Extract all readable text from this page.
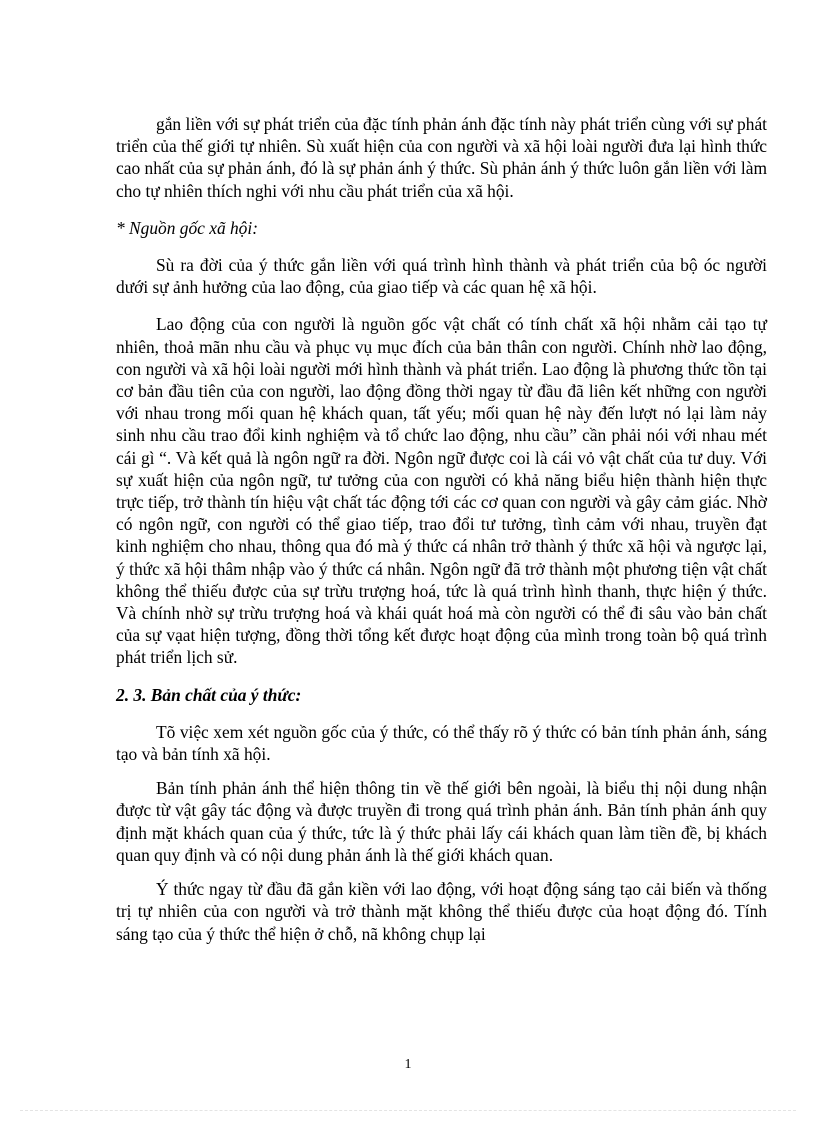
gắn liền với sự phát triển của đặc tính phản ánh đặc tính này phát triển cùng với sự phát triển của thế giới tự nhiên. Sù xuất hiện của con người và xã hội loài người đưa lại hình thức cao nhất của sự phản ánh, đó là sự phản ánh ý thức. Sù phản ánh ý thức luôn gắn liền với làm cho tự nhiên thích nghi với nhu cầu phát triển của xã hội.

* Nguồn gốc xã hội:

Sù ra đời của ý thức gắn liền với quá trình hình thành và phát triển của bộ óc người dưới sự ảnh hưởng của lao động, của giao tiếp và các quan hệ xã hội.

Lao động của con người là nguồn gốc vật chất có tính chất xã hội nhằm cải tạo tự nhiên, thoả mãn nhu cầu và phục vụ mục đích của bản thân con người. Chính nhờ lao động, con người và xã hội loài người mới hình thành và phát triển. Lao động là phương thức tồn tại cơ bản đầu tiên của con người, lao động đồng thời ngay từ đầu đã liên kết những con người với nhau trong mối quan hệ khách quan, tất yếu; mối quan hệ này đến lượt nó lại làm nảy sinh nhu cầu trao đổi kinh nghiệm và tổ chức lao động, nhu cầu” cần phải nói với nhau mét cái gì “. Và kết quả là ngôn ngữ ra đời. Ngôn ngữ được coi là cái vỏ vật chất của tư duy. Với sự xuất hiện của ngôn ngữ, tư tưởng của con người có khả năng biểu hiện thành hiện thực trực tiếp, trở thành tín hiệu vật chất tác động tới các cơ quan con người và gây cảm giác. Nhờ có ngôn ngữ, con người có thể giao tiếp, trao đổi tư tưởng, tình cảm với nhau, truyền đạt kinh nghiệm cho nhau, thông qua đó mà ý thức cá nhân trở thành ý thức xã hội và ngược lại, ý thức xã hội thâm nhập vào ý thức cá nhân. Ngôn ngữ đã trở thành một phương tiện vật chất không thể thiếu được của sự trừu trượng hoá, tức là quá trình hình thanh, thực hiện ý thức. Và chính nhờ sự trừu trượng hoá và khái quát hoá mà còn người có thể đi sâu vào bản chất của sự vạat hiện tượng, đồng thời tổng kết được hoạt động của mình trong toàn bộ quá trình phát triển lịch sử.

2. 3. Bản chất của ý thức:

Tõ việc xem xét nguồn gốc của ý thức, có thể thấy rõ ý thức có bản tính phản ánh, sáng tạo và bản tính xã hội.

Bản tính phản ánh thể hiện thông tin về thế giới bên ngoài, là biểu thị nội dung nhận được từ vật gây tác động và được truyền đi trong quá trình phản ánh. Bản tính phản ánh quy định mặt khách quan của ý thức, tức là ý thức phải lấy cái khách quan làm tiền đề, bị khách quan quy định và có nội dung phản ánh là thế giới khách quan.

Ý thức ngay từ đầu đã gắn kiền với lao động, với hoạt động sáng tạo cải biến và thống trị tự nhiên của con người và trở thành mặt không thể thiếu được của hoạt động đó. Tính sáng tạo của ý thức thể hiện ở chỗ, nã không chụp lại

1
